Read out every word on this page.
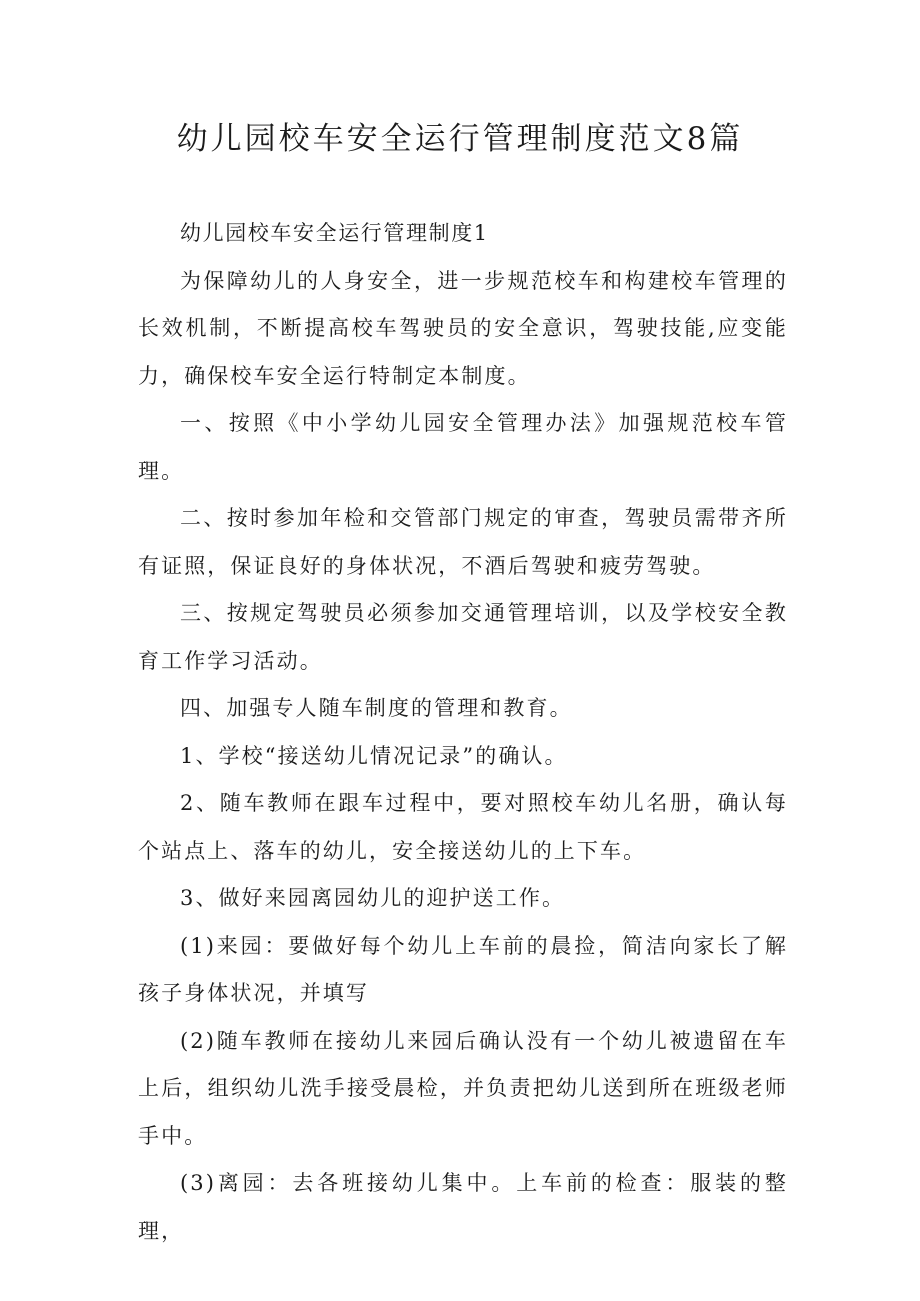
幼儿园校车安全运行管理制度范文8篇

幼儿园校车安全运行管理制度1

为保障幼儿的人身安全，进一步规范校车和构建校车管理的长效机制，不断提高校车驾驶员的安全意识，驾驶技能,应变能力，确保校车安全运行特制定本制度。

一、按照《中小学幼儿园安全管理办法》加强规范校车管理。

二、按时参加年检和交管部门规定的审查，驾驶员需带齐所有证照，保证良好的身体状况，不酒后驾驶和疲劳驾驶。

三、按规定驾驶员必须参加交通管理培训，以及学校安全教育工作学习活动。

四、加强专人随车制度的管理和教育。

1、学校“接送幼儿情况记录”的确认。

2、随车教师在跟车过程中，要对照校车幼儿名册，确认每个站点上、落车的幼儿，安全接送幼儿的上下车。

3、做好来园离园幼儿的迎护送工作。

(1)来园：要做好每个幼儿上车前的晨捡，简洁向家长了解孩子身体状况，并填写

(2)随车教师在接幼儿来园后确认没有一个幼儿被遗留在车上后，组织幼儿洗手接受晨检，并负责把幼儿送到所在班级老师手中。

(3)离园：去各班接幼儿集中。上车前的检查：服装的整理，
